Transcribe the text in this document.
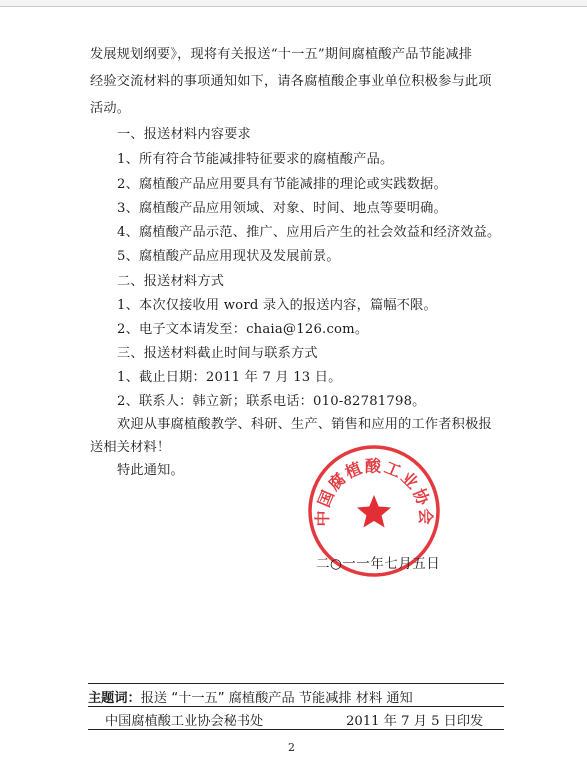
发展规划纲要》，现将有关报送“十一五”期间腐植酸产品节能减排
经验交流材料的事项通知如下，请各腐植酸企事业单位积极参与此项
活动。
一、报送材料内容要求
1、所有符合节能减排特征要求的腐植酸产品。
2、腐植酸产品应用要具有节能减排的理论或实践数据。
3、腐植酸产品应用领域、对象、时间、地点等要明确。
4、腐植酸产品示范、推广、应用后产生的社会效益和经济效益。
5、腐植酸产品应用现状及发展前景。
二、报送材料方式
1、本次仅接收用 word 录入的报送内容，篇幅不限。
2、电子文本请发至：chaia@126.com。
三、报送材料截止时间与联系方式
1、截止日期：2011 年 7 月 13 日。
2、联系人：韩立新；联系电话：010-82781798。
欢迎从事腐植酸教学、科研、生产、销售和应用的工作者积极报
送相关材料！
特此通知。
中国腐植酸工业协会
二○一一年七月五日
主题词：报送 “十一五” 腐植酸产品 节能减排 材料 通知
中国腐植酸工业协会秘书处	2011 年 7 月 5 日印发
2
